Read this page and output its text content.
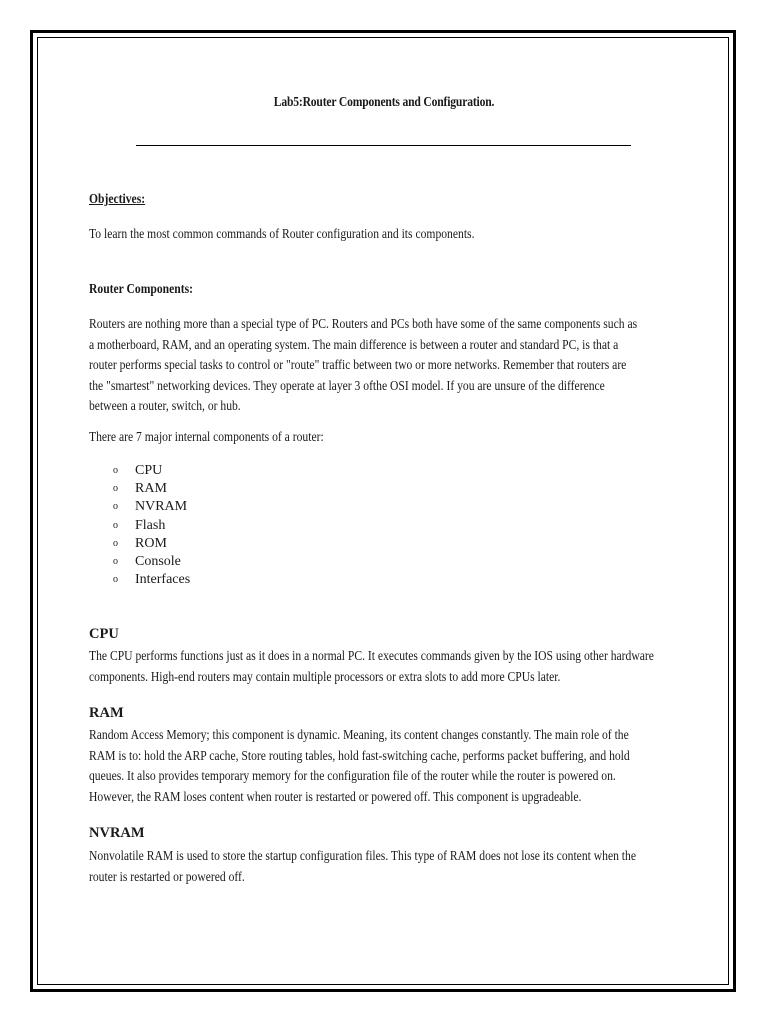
Lab5:Router Components and Configuration.
Objectives:
To learn the most common commands of Router configuration and its components.
Router Components:
Routers are nothing more than a special type of PC. Routers and PCs both have some of the same components such as
a motherboard, RAM, and an operating system. The main difference is between a router and standard PC, is that a
router performs special tasks to control or "route" traffic between two or more networks. Remember that routers are
the "smartest" networking devices. They operate at layer 3 ofthe OSI model. If you are unsure of the difference
between a router, switch, or hub.
There are 7 major internal components of a router:
o	CPU
o	RAM
o	NVRAM
o	Flash
o	ROM
o	Console
o	Interfaces
CPU
The CPU performs functions just as it does in a normal PC. It executes commands given by the IOS using other hardware
components. High-end routers may contain multiple processors or extra slots to add more CPUs later.
RAM
Random Access Memory; this component is dynamic. Meaning, its content changes constantly. The main role of the
RAM is to: hold the ARP cache, Store routing tables, hold fast-switching cache, performs packet buffering, and hold
queues. It also provides temporary memory for the configuration file of the router while the router is powered on.
However, the RAM loses content when router is restarted or powered off. This component is upgradeable.
NVRAM
Nonvolatile RAM is used to store the startup configuration files. This type of RAM does not lose its content when the
router is restarted or powered off.
